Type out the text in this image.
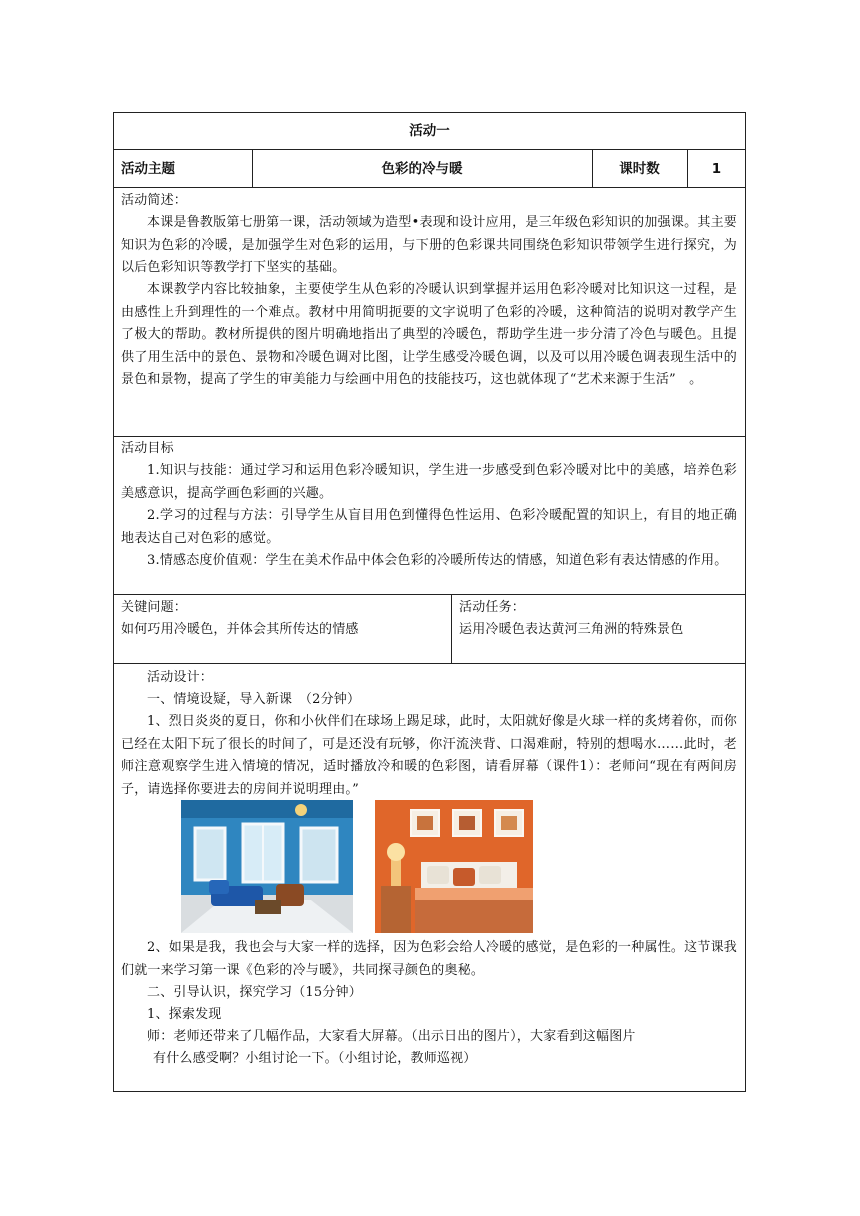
活动一
活动主题	色彩的冷与暖	课时数	1
活动简述：
本课是鲁教版第七册第一课，活动领域为造型•表现和设计应用，是三年级色彩知识的加强课。其主要知识为色彩的冷暖，是加强学生对色彩的运用，与下册的色彩课共同围绕色彩知识带领学生进行探究，为以后色彩知识等教学打下坚实的基础。
本课教学内容比较抽象，主要使学生从色彩的冷暖认识到掌握并运用色彩冷暖对比知识这一过程，是由感性上升到理性的一个难点。教材中用简明扼要的文字说明了色彩的冷暖，这种简洁的说明对教学产生了极大的帮助。教材所提供的图片明确地指出了典型的冷暖色，帮助学生进一步分清了冷色与暖色。且提供了用生活中的景色、景物和冷暖色调对比图，让学生感受冷暖色调，以及可以用冷暖色调表现生活中的景色和景物，提高了学生的审美能力与绘画中用色的技能技巧，这也就体现了“艺术来源于生活”　。
活动目标
1.知识与技能：通过学习和运用色彩冷暖知识，学生进一步感受到色彩冷暖对比中的美感，培养色彩美感意识，提高学画色彩画的兴趣。
2.学习的过程与方法：引导学生从盲目用色到懂得色性运用、色彩冷暖配置的知识上，有目的地正确地表达自己对色彩的感觉。
3.情感态度价值观：学生在美术作品中体会色彩的冷暖所传达的情感，知道色彩有表达情感的作用。
关键问题：
如何巧用冷暖色，并体会其所传达的情感
活动任务：
运用冷暖色表达黄河三角洲的特殊景色
活动设计：
一、情境设疑，导入新课　（2分钟）
1、烈日炎炎的夏日，你和小伙伴们在球场上踢足球，此时，太阳就好像是火球一样的炙烤着你，而你已经在太阳下玩了很长的时间了，可是还没有玩够，你汗流浃背、口渴难耐，特别的想喝水……此时，老师注意观察学生进入情境的情况，适时播放冷和暖的色彩图，请看屏幕（课件1）：老师问“现在有两间房子，请选择你要进去的房间并说明理由。”
2、如果是我，我也会与大家一样的选择，因为色彩会给人冷暖的感觉，是色彩的一种属性。这节课我们就一来学习第一课《色彩的冷与暖》，共同探寻颜色的奥秘。
二、引导认识，探究学习（15分钟）
1、探索发现
师：老师还带来了几幅作品，大家看大屏幕。（出示日出的图片），大家看到这幅图片
有什么感受啊？小组讨论一下。（小组讨论，教师巡视）
